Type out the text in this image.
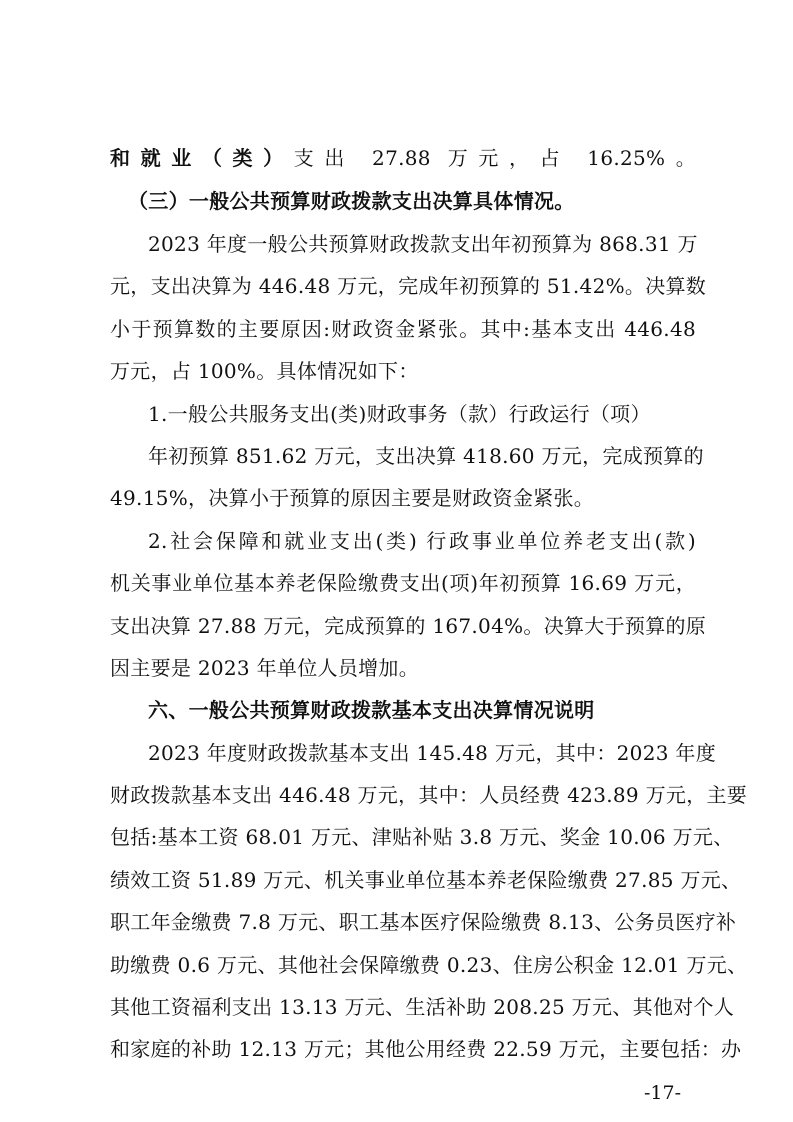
和就业（类）支出 27.88 万元，占 16.25%。
（三）一般公共预算财政拨款支出决算具体情况。
2023 年度一般公共预算财政拨款支出年初预算为 868.31 万
元，支出决算为 446.48 万元，完成年初预算的 51.42%。决算数
小于预算数的主要原因:财政资金紧张。其中:基本支出 446.48
万元，占 100%。具体情况如下：
1.一般公共服务支出(类)财政事务（款）行政运行（项）
年初预算 851.62 万元，支出决算 418.60 万元，完成预算的
49.15%，决算小于预算的原因主要是财政资金紧张。
2.社会保障和就业支出(类) 行政事业单位养老支出(款)
机关事业单位基本养老保险缴费支出(项)年初预算 16.69 万元，
支出决算 27.88 万元，完成预算的 167.04%。决算大于预算的原
因主要是 2023 年单位人员增加。
六、一般公共预算财政拨款基本支出决算情况说明
2023 年度财政拨款基本支出 145.48 万元，其中：2023 年度
财政拨款基本支出 446.48 万元，其中：人员经费 423.89 万元，主要
包括:基本工资 68.01 万元、津贴补贴 3.8 万元、奖金 10.06 万元、
绩效工资 51.89 万元、机关事业单位基本养老保险缴费 27.85 万元、
职工年金缴费 7.8 万元、职工基本医疗保险缴费 8.13、公务员医疗补
助缴费 0.6 万元、其他社会保障缴费 0.23、住房公积金 12.01 万元、
其他工资福利支出 13.13 万元、生活补助 208.25 万元、其他对个人
和家庭的补助 12.13 万元；其他公用经费 22.59 万元，主要包括：办
-17-
